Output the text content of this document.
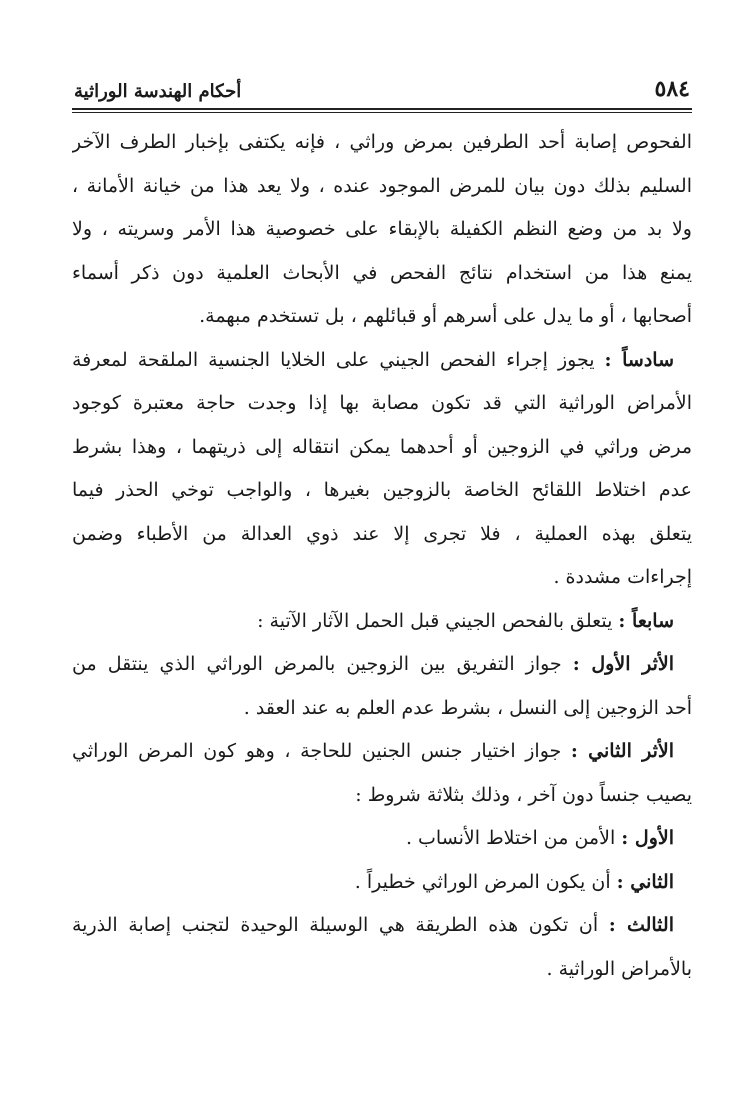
٥٨٤
أحكام الهندسة الوراثية
الفحوص إصابة أحد الطرفين بمرض وراثي ، فإنه يكتفى بإخبار الطرف الآخر
السليم بذلك دون بيان للمرض الموجود عنده ، ولا يعد هذا من خيانة الأمانة ،
ولا بد من وضع النظم الكفيلة بالإبقاء على خصوصية هذا الأمر وسريته ، ولا
يمنع هذا من استخدام نتائج الفحص في الأبحاث العلمية دون ذكر أسماء
أصحابها ، أو ما يدل على أسرهم أو قبائلهم ، بل تستخدم مبهمة.
سادساً : يجوز إجراء الفحص الجيني على الخلايا الجنسية الملقحة لمعرفة
الأمراض الوراثية التي قد تكون مصابة بها إذا وجدت حاجة معتبرة كوجود
مرض وراثي في الزوجين أو أحدهما يمكن انتقاله إلى ذريتهما ، وهذا بشرط
عدم اختلاط اللقائح الخاصة بالزوجين بغيرها ، والواجب توخي الحذر فيما
يتعلق بهذه العملية ، فلا تجرى إلا عند ذوي العدالة من الأطباء وضمن
إجراءات مشددة .
سابعاً : يتعلق بالفحص الجيني قبل الحمل الآثار الآتية :
الأثر الأول : جواز التفريق بين الزوجين بالمرض الوراثي الذي ينتقل من
أحد الزوجين إلى النسل ، بشرط عدم العلم به عند العقد .
الأثر الثاني : جواز اختيار جنس الجنين للحاجة ، وهو كون المرض الوراثي
يصيب جنساً دون آخر ، وذلك بثلاثة شروط :
الأول : الأمن من اختلاط الأنساب .
الثاني : أن يكون المرض الوراثي خطيراً .
الثالث : أن تكون هذه الطريقة هي الوسيلة الوحيدة لتجنب إصابة الذرية
بالأمراض الوراثية .
